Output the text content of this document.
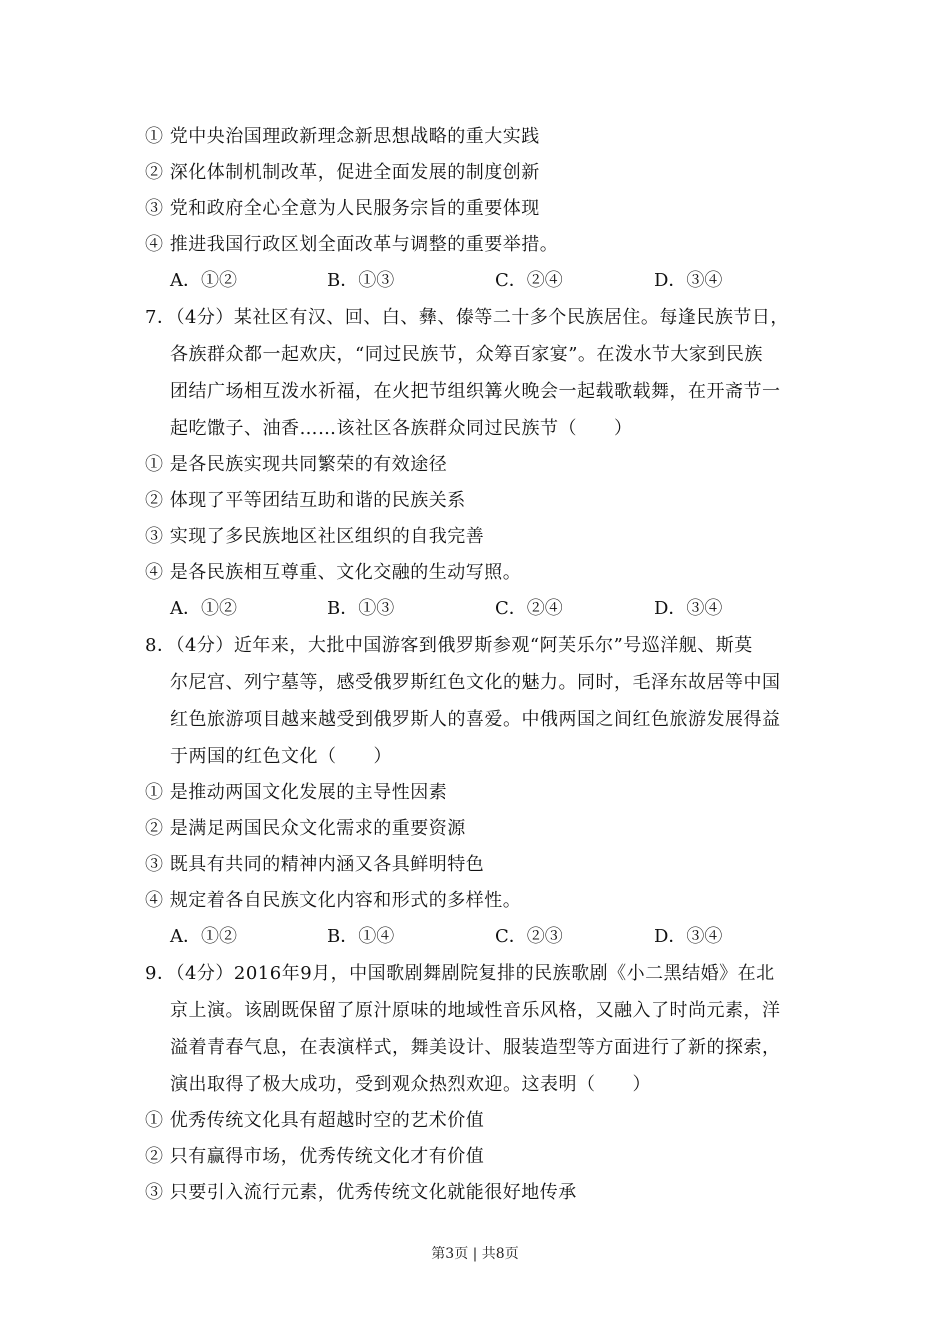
① 党中央治国理政新理念新思想战略的重大实践
② 深化体制机制改革，促进全面发展的制度创新
③ 党和政府全心全意为人民服务宗旨的重要体现
④ 推进我国行政区划全面改革与调整的重要举措。
A．①②	B．①③	C．②④	D．③④
7．（4分）某社区有汉、回、白、彝、傣等二十多个民族居住。每逢民族节日，
各族群众都一起欢庆，“同过民族节，众筹百家宴”。在泼水节大家到民族
团结广场相互泼水祈福，在火把节组织篝火晚会一起载歌载舞，在开斋节一
起吃馓子、油香……该社区各族群众同过民族节（　　）
① 是各民族实现共同繁荣的有效途径
② 体现了平等团结互助和谐的民族关系
③ 实现了多民族地区社区组织的自我完善
④ 是各民族相互尊重、文化交融的生动写照。
A．①②	B．①③	C．②④	D．③④
8．（4分）近年来，大批中国游客到俄罗斯参观“阿芙乐尔”号巡洋舰、斯莫
尔尼宫、列宁墓等，感受俄罗斯红色文化的魅力。同时，毛泽东故居等中国
红色旅游项目越来越受到俄罗斯人的喜爱。中俄两国之间红色旅游发展得益
于两国的红色文化（　　）
① 是推动两国文化发展的主导性因素
② 是满足两国民众文化需求的重要资源
③ 既具有共同的精神内涵又各具鲜明特色
④ 规定着各自民族文化内容和形式的多样性。
A．①②	B．①④	C．②③	D．③④
9．（4分）2016年9月，中国歌剧舞剧院复排的民族歌剧《小二黑结婚》在北
京上演。该剧既保留了原汁原味的地域性音乐风格，又融入了时尚元素，洋
溢着青春气息，在表演样式，舞美设计、服装造型等方面进行了新的探索，
演出取得了极大成功，受到观众热烈欢迎。这表明（　　）
① 优秀传统文化具有超越时空的艺术价值
② 只有赢得市场，优秀传统文化才有价值
③ 只要引入流行元素，优秀传统文化就能很好地传承
第3页 | 共8页
